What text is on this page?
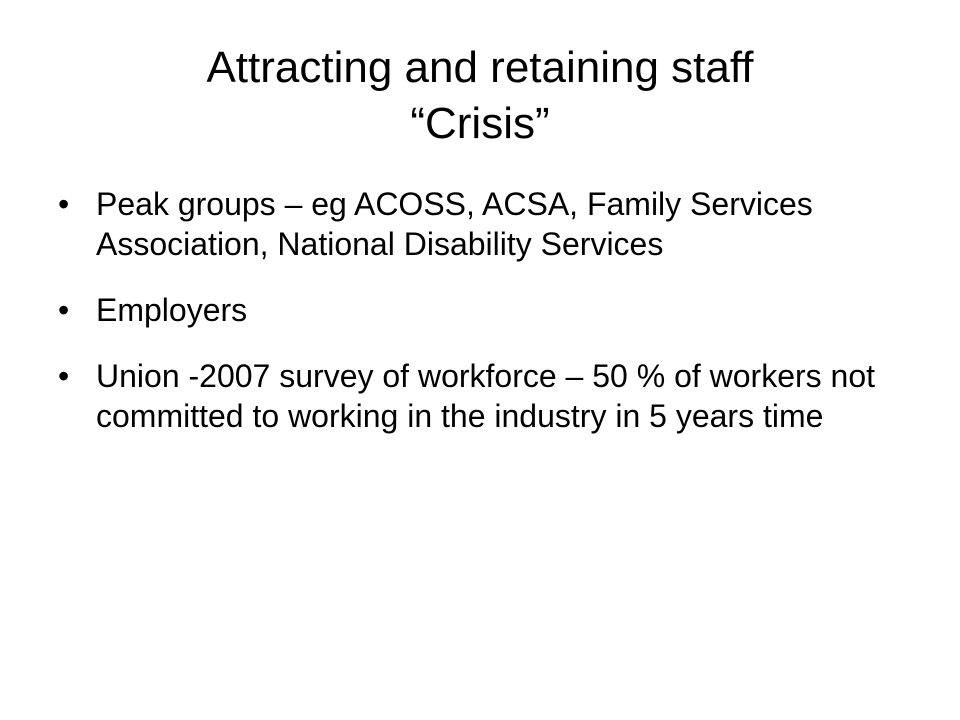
Attracting and retaining staff
“Crisis”
• Peak groups – eg ACOSS, ACSA, Family Services Association, National Disability Services
• Employers
• Union -2007 survey of workforce – 50 % of workers not committed to working in the industry in 5 years time
